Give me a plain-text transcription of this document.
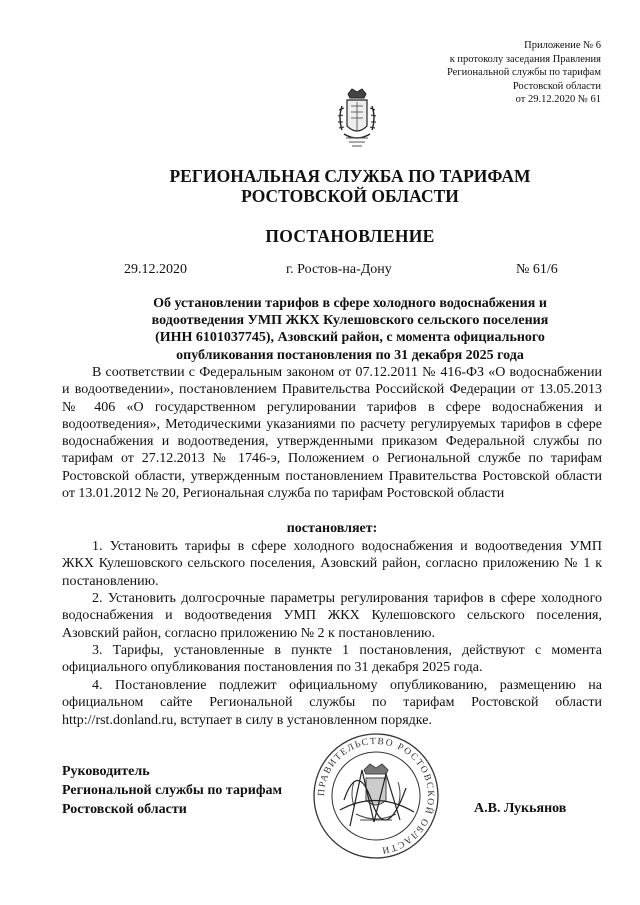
Приложение № 6
к протоколу заседания Правления
Региональной службы по тарифам
Ростовской области
от 29.12.2020 № 61
РЕГИОНАЛЬНАЯ СЛУЖБА ПО ТАРИФАМ
РОСТОВСКОЙ ОБЛАСТИ
ПОСТАНОВЛЕНИЕ
29.12.2020	г. Ростов-на-Дону	№ 61/6
Об установлении тарифов в сфере холодного водоснабжения и
водоотведения УМП ЖКХ Кулешовского сельского поселения
(ИНН 6101037745), Азовский район, с момента официального
опубликования постановления по 31 декабря 2025 года
В соответствии с Федеральным законом от 07.12.2011 № 416-ФЗ «О водоснабжении и водоотведении», постановлением Правительства Российской Федерации от 13.05.2013 № 406 «О государственном регулировании тарифов в сфере водоснабжения и водоотведения», Методическими указаниями по расчету регулируемых тарифов в сфере водоснабжения и водоотведения, утвержденными приказом Федеральной службы по тарифам от 27.12.2013 № 1746-э, Положением о Региональной службе по тарифам Ростовской области, утвержденным постановлением Правительства Ростовской области от 13.01.2012 № 20, Региональная служба по тарифам Ростовской области
постановляет:
1. Установить тарифы в сфере холодного водоснабжения и водоотведения УМП ЖКХ Кулешовского сельского поселения, Азовский район, согласно приложению № 1 к постановлению.
2. Установить долгосрочные параметры регулирования тарифов в сфере холодного водоснабжения и водоотведения УМП ЖКХ Кулешовского сельского поселения, Азовский район, согласно приложению № 2 к постановлению.
3. Тарифы, установленные в пункте 1 постановления, действуют с момента официального опубликования постановления по 31 декабря 2025 года.
4. Постановление подлежит официальному опубликованию, размещению на официальном сайте Региональной службы по тарифам Ростовской области http://rst.donland.ru, вступает в силу в установленном порядке.
ПРАВИТЕЛЬСТВО РОСТОВСКОЙ ОБЛАСТИ
Руководитель
Региональной службы по тарифам
Ростовской области	А.В. Лукьянов
